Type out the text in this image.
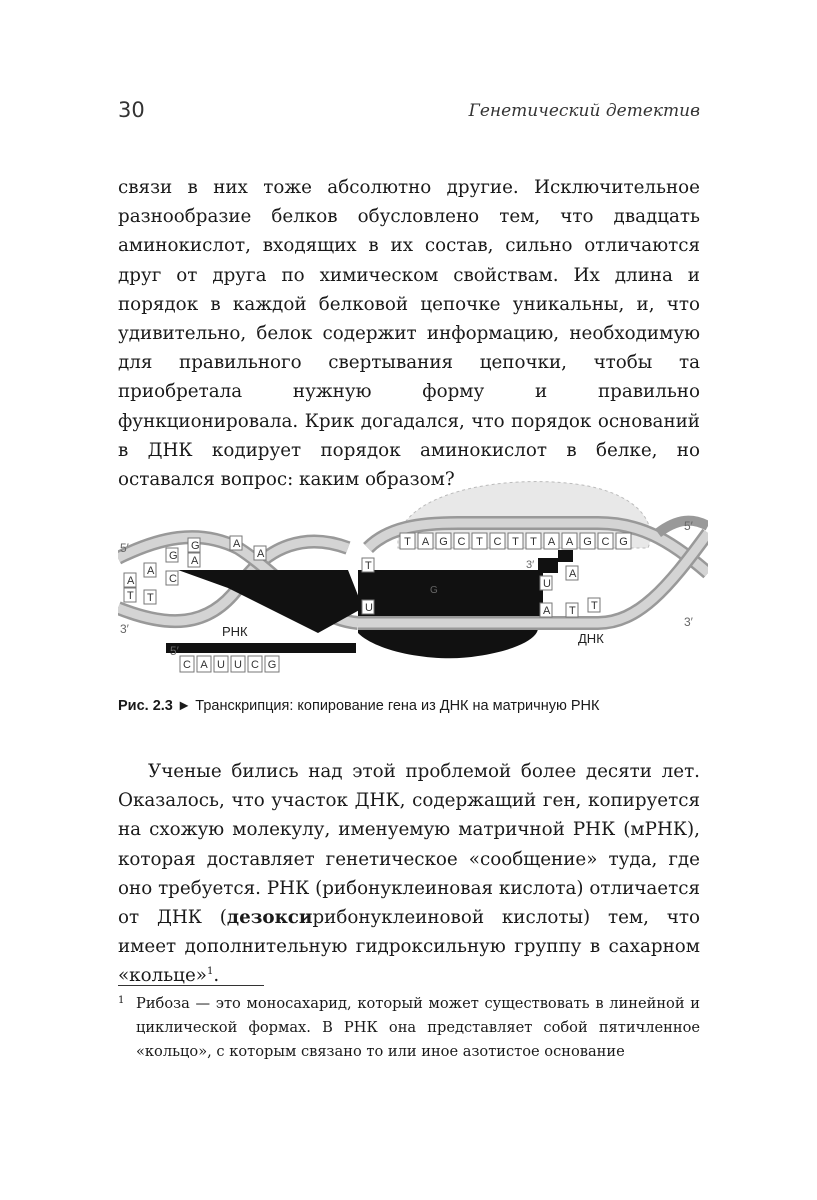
30	Генетический детектив

связи в них тоже абсолютно другие. Исключительное разнообразие белков обусловлено тем, что двадцать аминокислот, входящих в их состав, сильно отличаются друг от друга по химическом свойствам. Их длина и порядок в каждой белковой цепочке уникальны, и, что удивительно, белок содержит информацию, необходимую для правильного свертывания цепочки, чтобы та приобретала нужную форму и правильно функционировала. Крик догадался, что порядок оснований в ДНК кодирует порядок аминокислот в белке, но оставался вопрос: каким образом?

T A G C T C T T A A G C G
C A U U C G
A
T
A
T
G
C
G
A
A
A
A T T
U
A
U
T
G
5′
3′
5′
3′
РНК	ДНК
5′
3′
Рис. 2.3 ► Транскрипция: копирование гена из ДНК на матричную РНК

Ученые бились над этой проблемой более десяти лет. Оказалось, что участок ДНК, содержащий ген, копируется на схожую молекулу, именуемую матричной РНК (мРНК), которая доставляет генетическое «сообщение» туда, где оно требуется. РНК (рибонуклеиновая кислота) отличается от ДНК (дезоксирибонуклеиновой кислоты) тем, что имеет дополнительную гидроксильную группу в сахарном «кольце»$^1$.

1 Рибоза — это моносахарид, который может существовать в линейной и циклической формах. В РНК она представляет собой пятичленное «кольцо», с которым связано то или иное азотистое основание
